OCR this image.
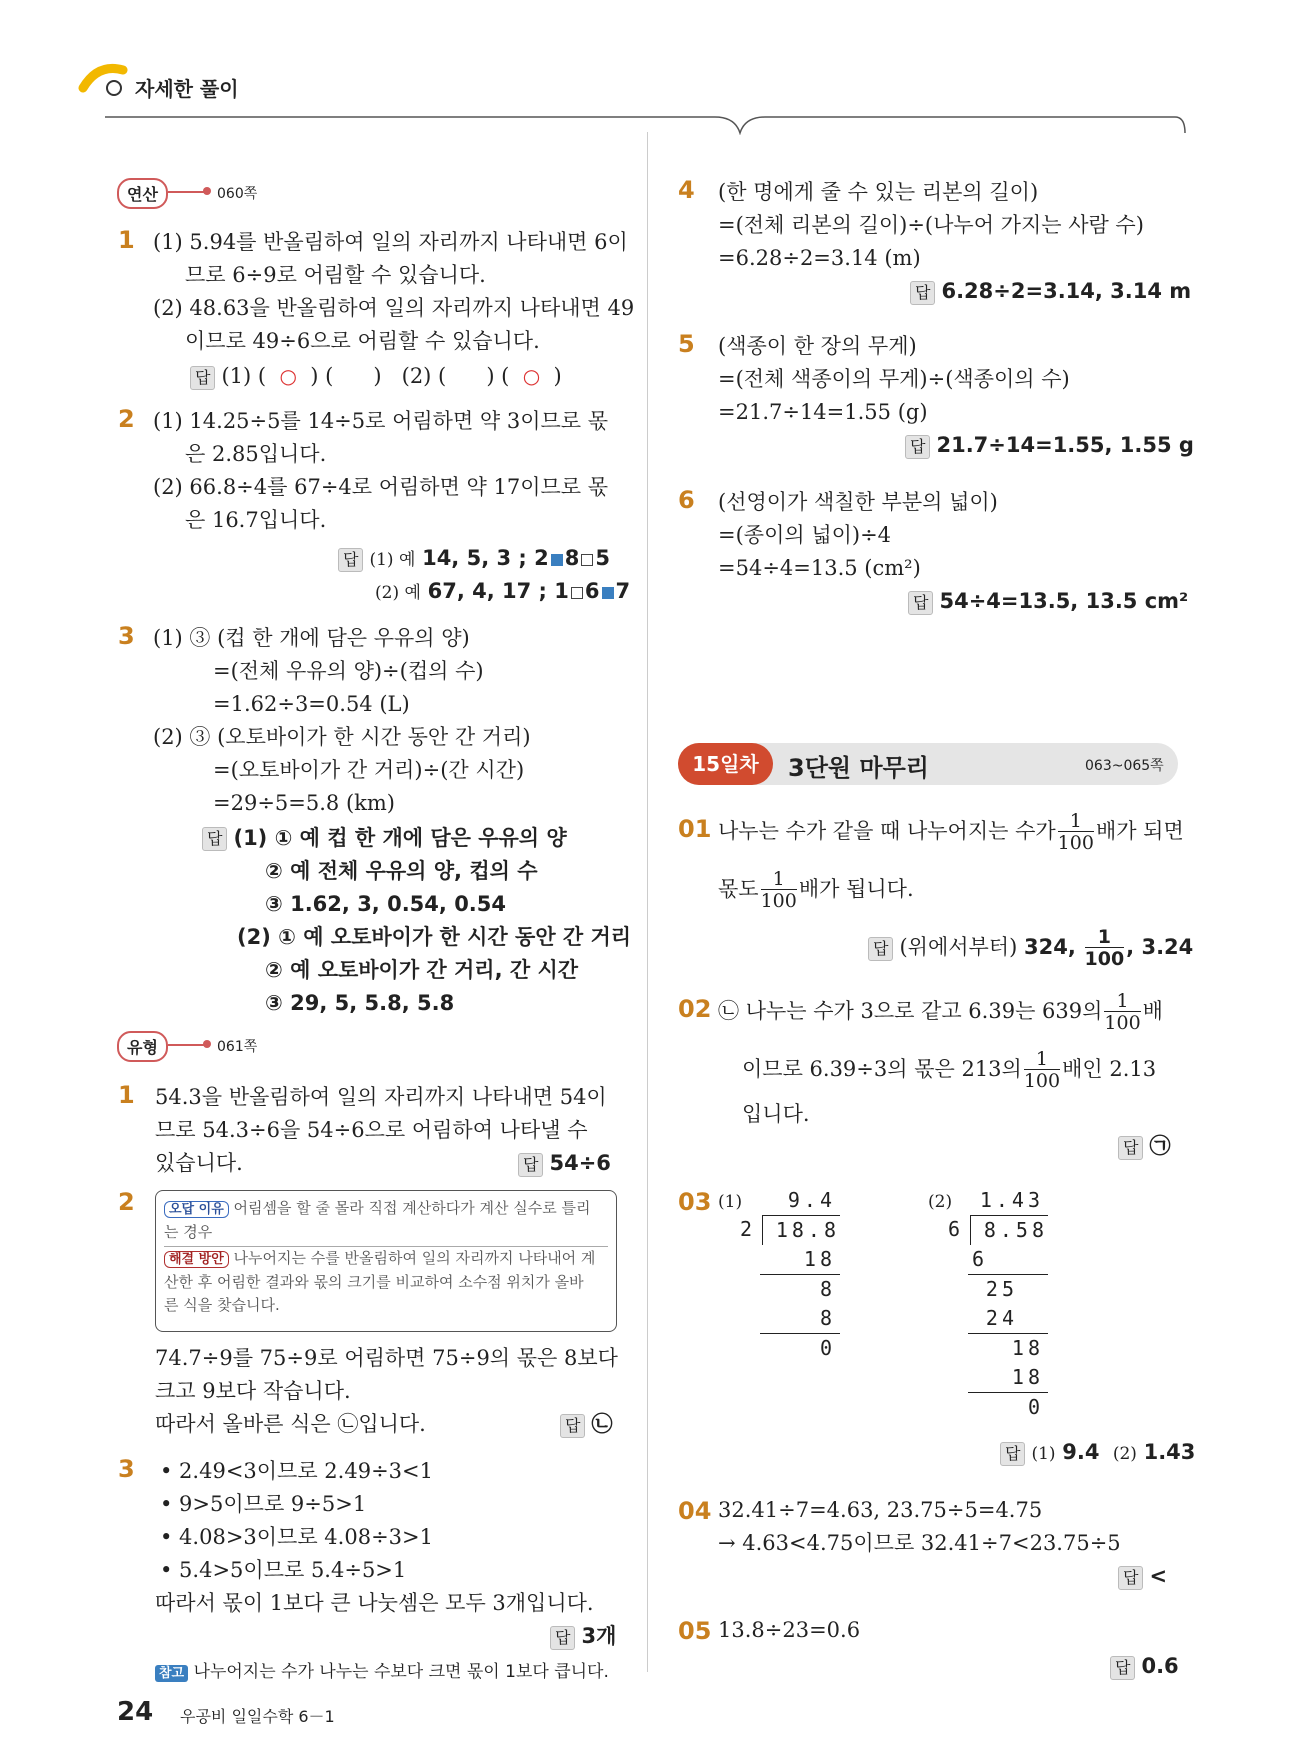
자세한 풀이
연산	060쪽
1 (1) 5.94를 반올림하여 일의 자리까지 나타내면 6이
므로 6÷9로 어림할 수 있습니다.
(2) 48.63을 반올림하여 일의 자리까지 나타내면 49
이므로 49÷6으로 어림할 수 있습니다.
답 (1) ( ○ ) ( ) (2) ( ) ( ○ )
2 (1) 14.25÷5를 14÷5로 어림하면 약 3이므로 몫
은 2.85입니다.
(2) 66.8÷4를 67÷4로 어림하면 약 17이므로 몫
은 16.7입니다.
답 (1) 예 14, 5, 3 ; 2 8 5
(2) 예 67, 4, 17 ; 1 6 7
3 (1) ③ (컵 한 개에 담은 우유의 양)
=(전체 우유의 양)÷(컵의 수)
=1.62÷3=0.54 (L)
(2) ③ (오토바이가 한 시간 동안 간 거리)
=(오토바이가 간 거리)÷(간 시간)
=29÷5=5.8 (km)
답 (1) ① 예 컵 한 개에 담은 우유의 양
② 예 전체 우유의 양, 컵의 수
③ 1.62, 3, 0.54, 0.54
(2) ① 예 오토바이가 한 시간 동안 간 거리
② 예 오토바이가 간 거리, 간 시간
③ 29, 5, 5.8, 5.8
유형	061쪽
1 54.3을 반올림하여 일의 자리까지 나타내면 54이
므로 54.3÷6을 54÷6으로 어림하여 나타낼 수
있습니다.	답 54÷6
2	오답 이유 어림셈을 할 줄 몰라 직접 계산하다가 계산 실수로 틀리
는 경우
해결 방안 나누어지는 수를 반올림하여 일의 자리까지 나타내어 계
산한 후 어림한 결과와 몫의 크기를 비교하여 소수점 위치가 올바
른 식을 찾습니다.
74.7÷9를 75÷9로 어림하면 75÷9의 몫은 8보다
크고 9보다 작습니다.
따라서 올바른 식은 ㉡입니다.	답 ㉡
3 • 2.49<3이므로 2.49÷3<1
• 9>5이므로 9÷5>1
• 4.08>3이므로 4.08÷3>1
• 5.4>5이므로 5.4÷5>1
따라서 몫이 1보다 큰 나눗셈은 모두 3개입니다.
답 3개
참고 나누어지는 수가 나누는 수보다 크면 몫이 1보다 큽니다.
24 우공비 일일수학 6－1
4 (한 명에게 줄 수 있는 리본의 길이)
=(전체 리본의 길이)÷(나누어 가지는 사람 수)
=6.28÷2=3.14 (m)
답 6.28÷2=3.14, 3.14 m
5 (색종이 한 장의 무게)
=(전체 색종이의 무게)÷(색종이의 수)
=21.7÷14=1.55 (g)
답 21.7÷14=1.55, 1.55 g
6 (선영이가 색칠한 부분의 넓이)
=(종이의 넓이)÷4
=54÷4=13.5 (cm²)
답 54÷4=13.5, 13.5 cm²
15일차	3단원 마무리	063~065쪽
01 나누는 수가 같을 때 나누어지는 수가 $\frac{1}{100}$ 배가 되면
몫도 $\frac{1}{100}$ 배가 됩니다.
답 (위에서부터) 324, $\frac{1}{100}$ , 3.24
02 ㉡ 나누는 수가 3으로 같고 6.39는 639의 $\frac{1}{100}$ 배
이므로 6.39÷3의 몫은 213의 $\frac{1}{100}$ 배인 2.13
입니다.
답 ㉠
03 (1)	(2)
9.4
2 18.8
18
8
8
0
1.43
6 8.58
6
25
24
18
18
0
답 (1) 9.4 (2) 1.43
04 32.41÷7=4.63, 23.75÷5=4.75
→ 4.63<4.75이므로 32.41÷7<23.75÷5
답 <
05 13.8÷23=0.6
답 0.6
